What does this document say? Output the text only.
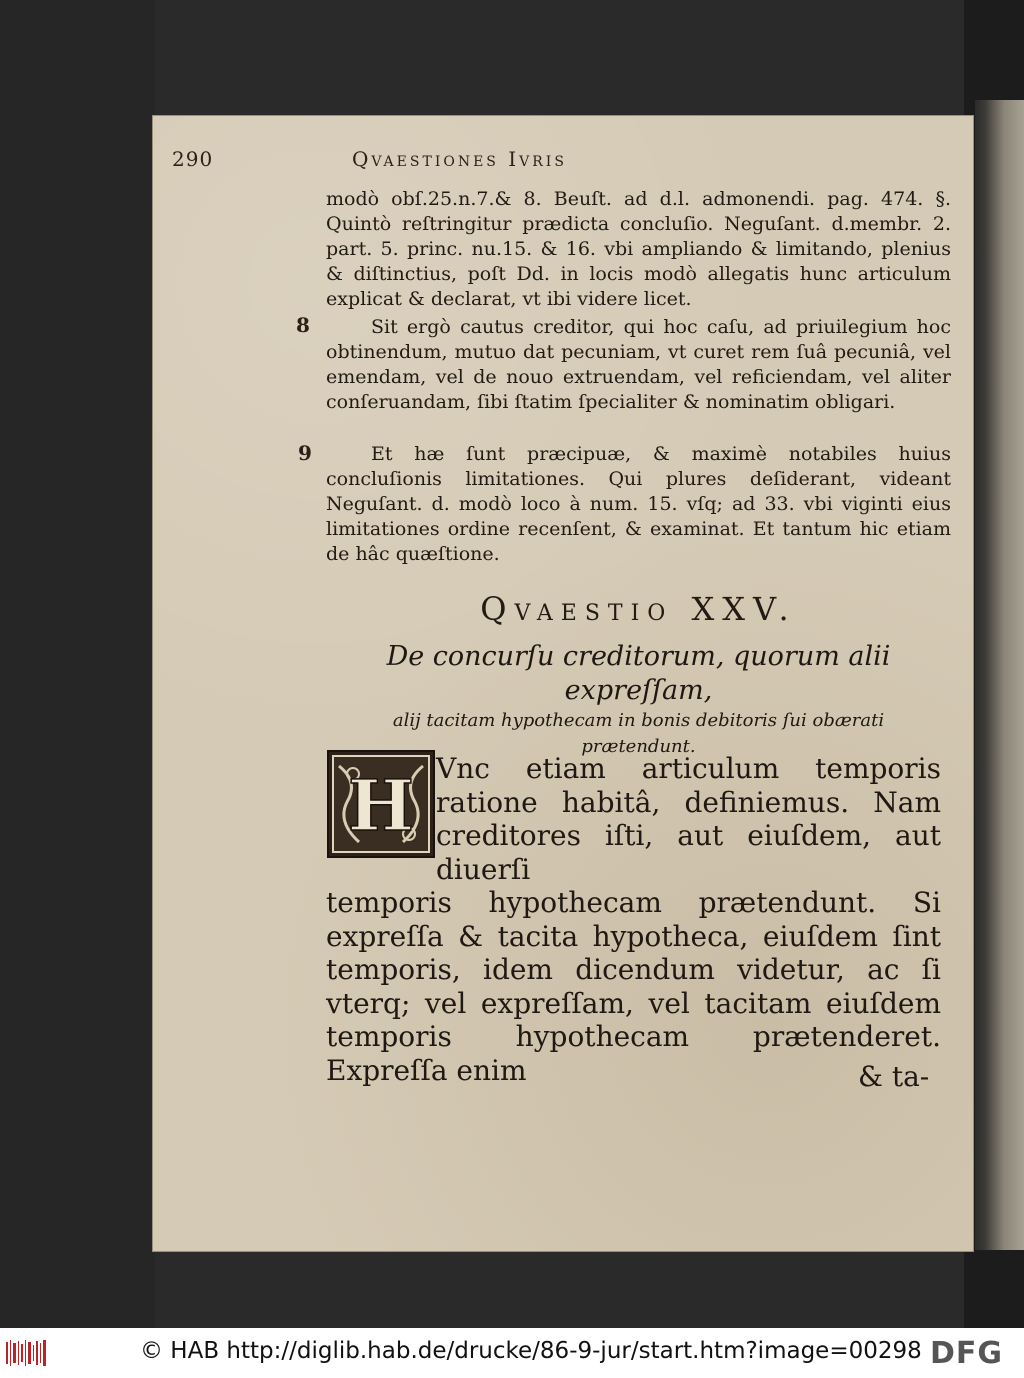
290	Qvaestiones Ivris

modò obſ.25.n.7.& 8. Beuſt. ad d.l. admonendi. pag. 474. §. Quintò reſtringitur prædicta concluſio. Neguſant. d.membr. 2. part. 5. princ. nu.15. & 16. vbi ampliando & limitando, plenius & diſtinctius, poſt Dd. in locis modò allegatis hunc articulum explicat & declarat, vt ibi videre licet.

8	Sit ergò cautus creditor, qui hoc caſu, ad priuilegium hoc obtinendum, mutuo dat pecuniam, vt curet rem ſuâ pecuniâ, vel emendam, vel de nouo extruendam, vel reficiendam, vel aliter conſeruandam, ſibi ſtatim ſpecialiter & nominatim obligari.

9	Et hæ ſunt præcipuæ, & maximè notabiles huius concluſionis limitationes. Qui plures deſiderant, videant Neguſant. d. modò loco à num. 15. vſq; ad 33. vbi viginti eius limitationes ordine recenſent, & examinat. Et tantum hic etiam de hâc quæſtione.

Qvaestio XXV.
De concurſu creditorum, quorum alii expreſſam,
alij tacitam hypothecam in bonis debitoris ſui obærati
prætendunt.
H Vnc etiam articulum temporis ratione habitâ, definiemus. Nam creditores iſti, aut eiuſdem, aut diuerſi

temporis hypothecam prætendunt. Si expreſſa & tacita hypotheca, eiuſdem ſint temporis, idem dicendum videtur, ac ſi vterq; vel expreſſam, vel tacitam eiuſdem temporis hypothecam prætenderet. Expreſſa enim	& ta-
© HAB http://diglib.hab.de/drucke/86-9-jur/start.htm?image=00298 DFG
